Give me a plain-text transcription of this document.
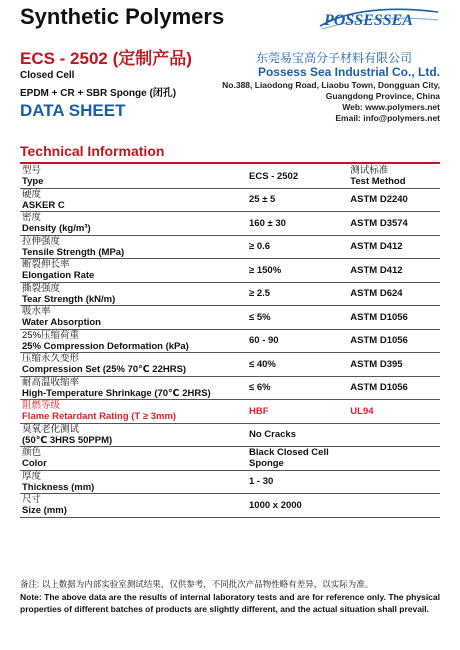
Synthetic Polymers	POSSESSEA
ECS - 2502 (定制产品)	东莞易宝高分子材料有限公司
Possess Sea Industrial Co., Ltd.
Closed Cell
EPDM + CR + SBR Sponge (闭孔)
No.388, Liaodong Road, Liaobu Town, Dongguan City, Guangdong Province, China
Web: www.polymers.net
Email: info@polymers.net
DATA SHEET
Technical Information
型号
Type	ECS - 2502	测试标准
Test Method

硬度
ASKER C	25 ± 5	ASTM D2240

密度
Density (kg/m³)	160 ± 30	ASTM D3574

拉伸强度
Tensile Strength (MPa)	≥ 0.6	ASTM D412

断裂伸长率
Elongation Rate	≥ 150%	ASTM D412

撕裂强度
Tear Strength (kN/m)	≥ 2.5	ASTM D624

吸水率
Water Absorption	≤ 5%	ASTM D1056

25%压缩荷重
25% Compression Deformation (kPa)	60 - 90	ASTM D1056

压缩永久变形
Compression Set (25% 70℃ 22HRS)	≤ 40%	ASTM D395

耐高温收缩率
High-Temperature Shrinkage (70℃ 2HRS)	≤ 6%	ASTM D1056

阻燃等级
Flame Retardant Rating (T ≥ 3mm)	HBF	UL94

臭氧老化测试
(50℃ 3HRS 50PPM)	No Cracks	

颜色
Color	Black Closed Cell Sponge	

厚度
Thickness (mm)	1 - 30	

尺寸
Size (mm)	1000 x 2000	
备注: 以上数据为内部实验室测试结果，仅供参考，不同批次产品物性略有差异，以实际为准。
Note: The above data are the results of internal laboratory tests and are for reference only. The physical properties of different batches of products are slightly different, and the actual situation shall prevail.
